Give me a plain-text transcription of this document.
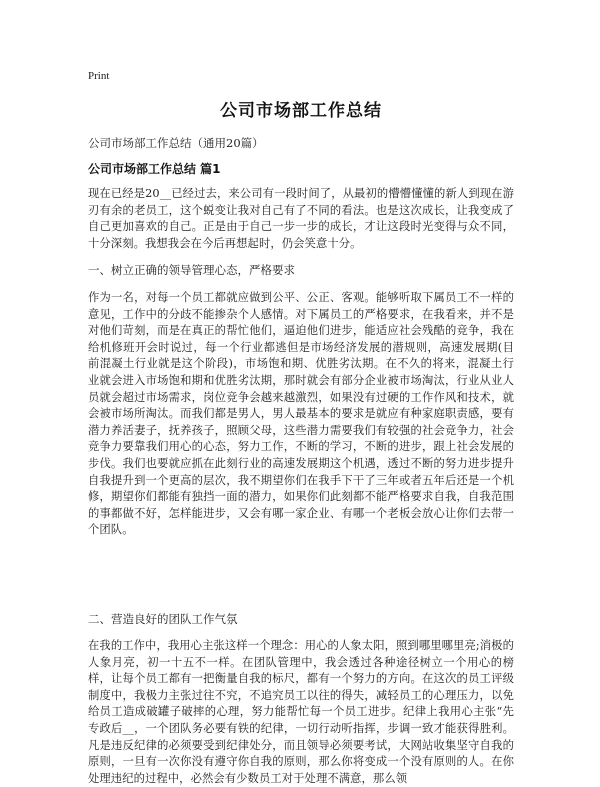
Print
公司市场部工作总结
公司市场部工作总结（通用20篇）
公司市场部工作总结 篇1
现在已经是20__已经过去，来公司有一段时间了，从最初的懵懵懂懂的新人到现在游刃有余的老员工，这个蜕变让我对自己有了不同的看法。也是这次成长，让我变成了自己更加喜欢的自己。正是由于自己一步一步的成长，才让这段时光变得与众不同，十分深刻。我想我会在今后再想起时，仍会笑意十分。
一、树立正确的领导管理心态，严格要求
作为一名，对每一个员工都就应做到公平、公正、客观。能够听取下属员工不一样的意见，工作中的分歧不能掺杂个人感情。对下属员工的严格要求，在我看来，并不是对他们苛刻，而是在真正的帮忙他们，逼迫他们进步，能适应社会残酷的竞争，我在给机修班开会时说过，每一个行业都逃但是市场经济发展的潜规则，高速发展期(目前混凝土行业就是这个阶段)，市场饱和期、优胜劣汰期。在不久的将来，混凝土行业就会进入市场饱和期和优胜劣汰期，那时就会有部分企业被市场淘汰，行业从业人员就会超过市场需求，岗位竞争会越来越激烈，如果没有过硬的工作作风和技术，就会被市场所淘汰。而我们都是男人，男人最基本的要求是就应有种家庭职责感，要有潜力养活妻子，抚养孩子，照顾父母，这些潜力需要我们有较强的社会竞争力，社会竞争力要靠我们用心的心态，努力工作，不断的学习，不断的进步，跟上社会发展的步伐。我们也要就应抓在此刻行业的高速发展期这个机遇，透过不断的努力进步提升自我提升到一个更高的层次，我不期望你们在我手下干了三年或者五年后还是一个机修，期望你们都能有独挡一面的潜力，如果你们此刻都不能严格要求自我，自我范围的事都做不好，怎样能进步，又会有哪一家企业、有哪一个老板会放心让你们去带一个团队。
二、营造良好的团队工作气氛
在我的工作中，我用心主张这样一个理念：用心的人象太阳，照到哪里哪里亮;消极的人象月亮，初一十五不一样。在团队管理中，我会透过各种途径树立一个用心的榜样，让每个员工都有一把衡量自我的标尺，都有一个努力的方向。在这次的员工评级制度中，我极力主张过往不究，不追究员工以往的得失，减轻员工的心理压力，以免给员工造成破罐子破摔的心理，努力能帮忙每一个员工进步。纪律上我用心主张“先专政后__，一个团队务必要有铁的纪律，一切行动听指挥，步调一致才能获得胜利。凡是违反纪律的必须要受到纪律处分，而且领导必须要考试，大网站收集坚守自我的原则，一旦有一次你没有遵守你自我的原则，那么你将变成一个没有原则的人。在你处理违纪的过程中，必然会有少数员工对于处理不满意，那么领
